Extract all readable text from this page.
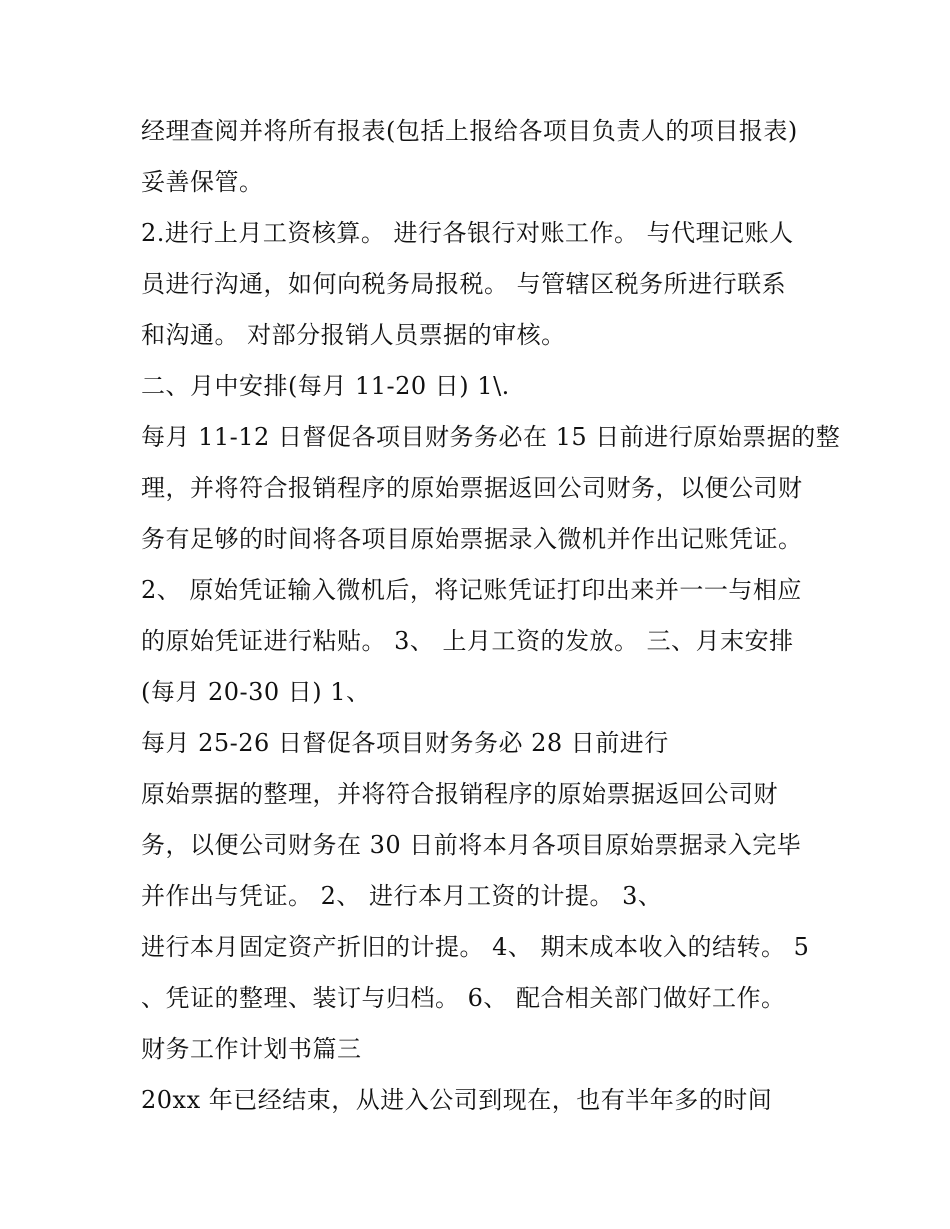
经理查阅并将所有报表(包括上报给各项目负责人的项目报表)
妥善保管。
2.进行上月工资核算。 进行各银行对账工作。 与代理记账人
员进行沟通，如何向税务局报税。 与管辖区税务所进行联系
和沟通。 对部分报销人员票据的审核。
二、月中安排(每月 11-20 日) 1\.
每月 11-12 日督促各项目财务务必在 15 日前进行原始票据的整
理，并将符合报销程序的原始票据返回公司财务，以便公司财
务有足够的时间将各项目原始票据录入微机并作出记账凭证。
2、 原始凭证输入微机后，将记账凭证打印出来并一一与相应
的原始凭证进行粘贴。 3、 上月工资的发放。 三、月末安排
(每月 20-30 日) 1、
每月 25-26 日督促各项目财务务必 28 日前进行
原始票据的整理，并将符合报销程序的原始票据返回公司财
务，以便公司财务在 30 日前将本月各项目原始票据录入完毕
并作出与凭证。 2、 进行本月工资的计提。 3、
进行本月固定资产折旧的计提。 4、 期末成本收入的结转。 5
、凭证的整理、装订与归档。 6、 配合相关部门做好工作。
财务工作计划书篇三
20xx 年已经结束，从进入公司到现在，也有半年多的时间
